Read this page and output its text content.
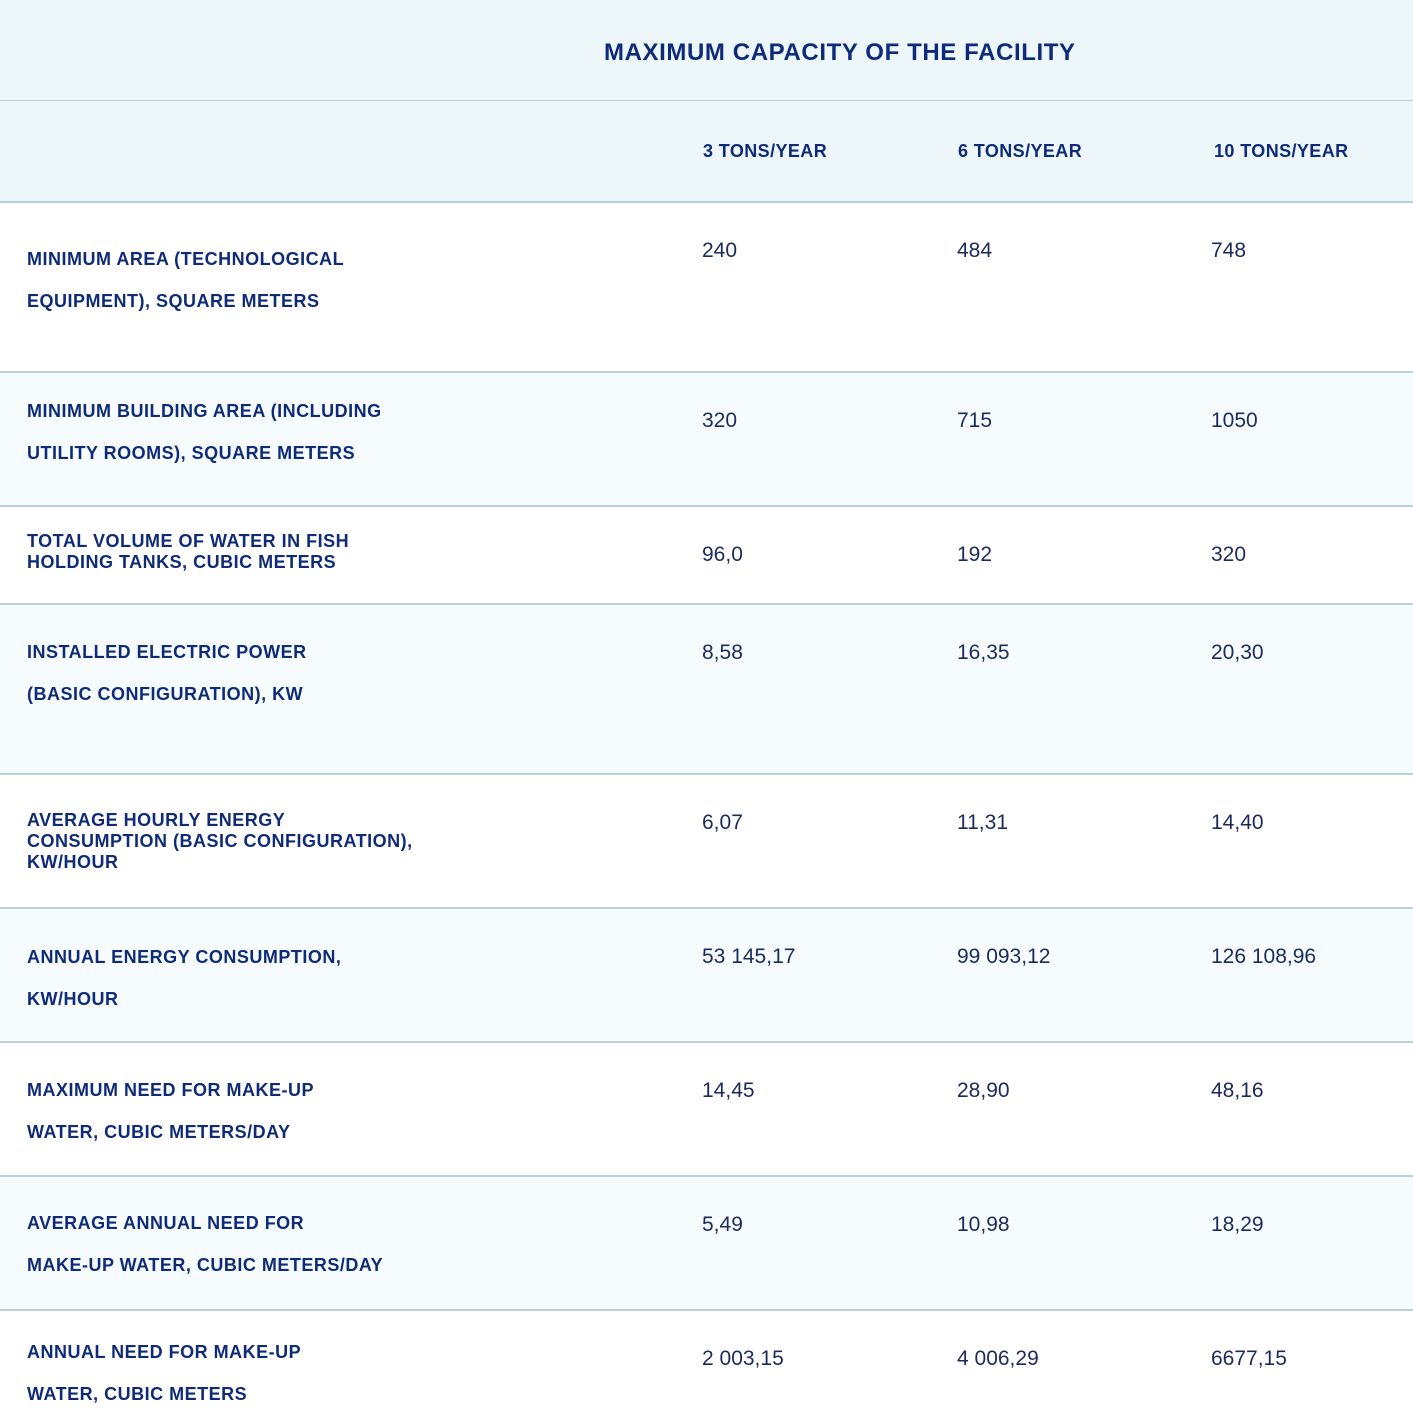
MAXIMUM CAPACITY OF THE FACILITY
3 TONS/YEAR	6 TONS/YEAR	10 TONS/YEAR
MINIMUM AREA (TECHNOLOGICAL
EQUIPMENT), SQUARE METERS
240	484	748
MINIMUM BUILDING AREA (INCLUDING
UTILITY ROOMS), SQUARE METERS
320	715	1050
TOTAL VOLUME OF WATER IN FISH
HOLDING TANKS, CUBIC METERS	96,0	192	320
INSTALLED ELECTRIC POWER
(BASIC CONFIGURATION), KW
8,58	16,35	20,30
AVERAGE HOURLY ENERGY
CONSUMPTION (BASIC CONFIGURATION),
KW/HOUR
6,07	11,31	14,40
ANNUAL ENERGY CONSUMPTION,
KW/HOUR
53 145,17	99 093,12	126 108,96
MAXIMUM NEED FOR MAKE-UP
WATER, CUBIC METERS/DAY
14,45	28,90	48,16
AVERAGE ANNUAL NEED FOR
MAKE-UP WATER, CUBIC METERS/DAY
5,49	10,98	18,29
ANNUAL NEED FOR MAKE-UP
WATER, CUBIC METERS
2 003,15	4 006,29	6677,15
